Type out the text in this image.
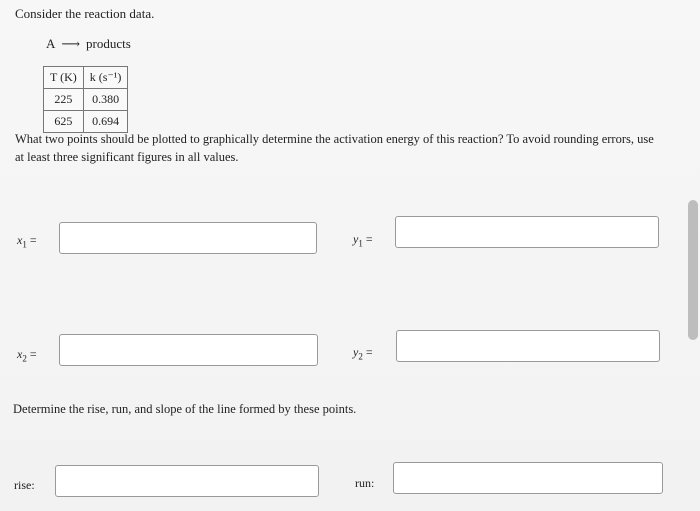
Consider the reaction data.
A ⟶ products
T (K)	k (s⁻¹)
225	0.380
625	0.694
What two points should be plotted to graphically determine the activation energy of this reaction? To avoid rounding errors, use at least three significant figures in all values.
$x_1$ =	$y_1$ =
$x_2$ =	$y_2$ =
Determine the rise, run, and slope of the line formed by these points.
rise:	run:
